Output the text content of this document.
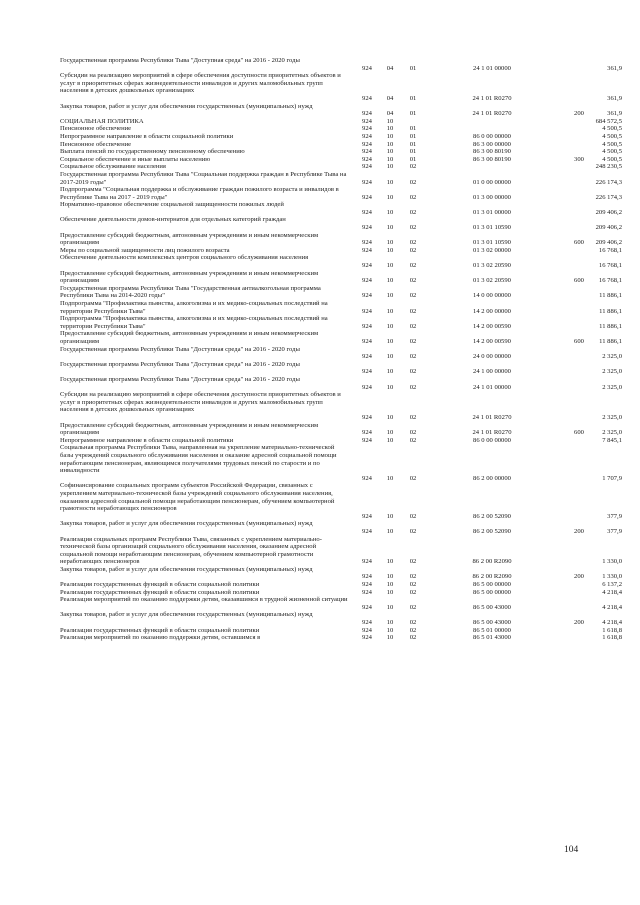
Государственная программа Республики Тыва "Доступная среда" на 2016 - 2020 годы
924	04	01	24 1 01 00000	361,9
Субсидии на реализацию мероприятий в сфере обеспечения доступности приоритетных объектов и услуг в приоритетных сферах жизнедеятельности инвалидов и других маломобильных групп населения в детских дошкольных организациях
924	04	01	24 1 01 R0270	361,9
Закупка товаров, работ и услуг для обеспечения государственных (муниципальных) нужд
924	04	01	24 1 01 R0270	200	361,9
СОЦИАЛЬНАЯ ПОЛИТИКА	924	10	684 572,5
Пенсионное обеспечение	924	10	01	4 500,5
Непрограммное направление в области социальной политики	924	10	01	86 0 00 00000	4 500,5
Пенсионное обеспечение	924	10	01	86 3 00 00000	4 500,5
Выплата пенсий по государственному пенсионному обеспечению	924	10	01	86 3 00 80190	4 500,5
Социальное обеспечение и иные выплаты населению	924	10	01	86 3 00 80190	300	4 500,5
Социальное обслуживание населения	924	10	02	248 230,5
Государственная программа Республики Тыва "Социальная поддержка граждан в Республике Тыва на 2017-2019 годы"	924	10	02	01 0 00 00000	226 174,3
Подпрограмма "Социальная поддержка и обслуживание граждан пожилого возраста и инвалидов в Республике Тыва на 2017 - 2019 годы"	924	10	02	01 3 00 00000	226 174,3
Нормативно-правовое обеспечение социальной защищенности пожилых людей
924	10	02	01 3 01 00000	209 406,2
Обеспечение деятельности домов-интернатов для отдельных категорий граждан
924	10	02	01 3 01 10590	209 406,2
Предоставление субсидий бюджетным, автономным учреждениям и иным некоммерческим организациям	924	10	02	01 3 01 10590	600	209 406,2
Меры по социальной защищенности лиц пожилого возраста	924	10	02	01 3 02 00000	16 768,1
Обеспечение деятельности комплексных центров социального обслуживания населения
924	10	02	01 3 02 20590	16 768,1
Предоставление субсидий бюджетным, автономным учреждениям и иным некоммерческим организациям	924	10	02	01 3 02 20590	600	16 768,1
Государственная программа Республики Тыва "Государственная антиалкогольная программа Республики Тыва на 2014-2020 годы"	924	10	02	14 0 00 00000	11 886,1
Подпрограмма "Профилактика пьянства, алкоголизма и их медико-социальных последствий на территории Республики Тыва"	924	10	02	14 2 00 00000	11 886,1
Подпрограмма "Профилактика пьянства, алкоголизма и их медико-социальных последствий на территории Республики Тыва"	924	10	02	14 2 00 00590	11 886,1
Предоставление субсидий бюджетным, автономным учреждениям и иным некоммерческим организациям	924	10	02	14 2 00 00590	600	11 886,1
Государственная программа Республики Тыва "Доступная среда" на 2016 - 2020 годы
924	10	02	24 0 00 00000	2 325,0
Государственная программа Республики Тыва "Доступная среда" на 2016 - 2020 годы
924	10	02	24 1 00 00000	2 325,0
Государственная программа Республики Тыва "Доступная среда" на 2016 - 2020 годы
924	10	02	24 1 01 00000	2 325,0
Субсидии на реализацию мероприятий в сфере обеспечения доступности приоритетных объектов и услуг в приоритетных сферах жизнедеятельности инвалидов и других маломобильных групп населения в детских дошкольных организациях
924	10	02	24 1 01 R0270	2 325,0
Предоставление субсидий бюджетным, автономным учреждениям и иным некоммерческим организациям	924	10	02	24 1 01 R0270	600	2 325,0
Непрограммное направление в области социальной политики	924	10	02	86 0 00 00000	7 845,1
Социальная программа Республики Тыва, направленная на укрепление материально-технической базы учреждений социального обслуживания населения и оказание адресной социальной помощи неработающим пенсионерам, являющимся получателями трудовых пенсий по старости и по инвалидности
924	10	02	86 2 00 00000	1 707,9
Софинансирование социальных программ субъектов Российской Федерации, связанных с укреплением материально-технической базы учреждений социального обслуживания населения, оказанием адресной социальной помощи неработающим пенсионерам, обучением компьютерной грамотности неработающих пенсионеров
924	10	02	86 2 00 52090	377,9
Закупка товаров, работ и услуг для обеспечения государственных (муниципальных) нужд
924	10	02	86 2 00 52090	200	377,9
Реализация социальных программ Республики Тыва, связанных с укреплением материально-технической базы организаций социального обслуживания населения, оказанием адресной социальной помощи неработающим пенсионерам, обучением компьютерной грамотности неработающих пенсионеров	924	10	02	86 2 00 R2090	1 330,0
Закупка товаров, работ и услуг для обеспечения государственных (муниципальных) нужд
924	10	02	86 2 00 R2090	200	1 330,0
Реализация государственных функций в области социальной политики	924	10	02	86 5 00 00000	6 137,2
Реализация государственных функций в области социальной политики	924	10	02	86 5 00 00000	4 218,4
Реализация мероприятий по оказанию поддержки детям, оказавшимся в трудной жизненной ситуации
924	10	02	86 5 00 43000	4 218,4
Закупка товаров, работ и услуг для обеспечения государственных (муниципальных) нужд
924	10	02	86 5 00 43000	200	4 218,4
Реализация государственных функций в области социальной политики	924	10	02	86 5 01 00000	1 618,8
Реализация мероприятий по оказанию поддержки детям, оставшимся в	924	10	02	86 5 01 43000	1 618,8
104
